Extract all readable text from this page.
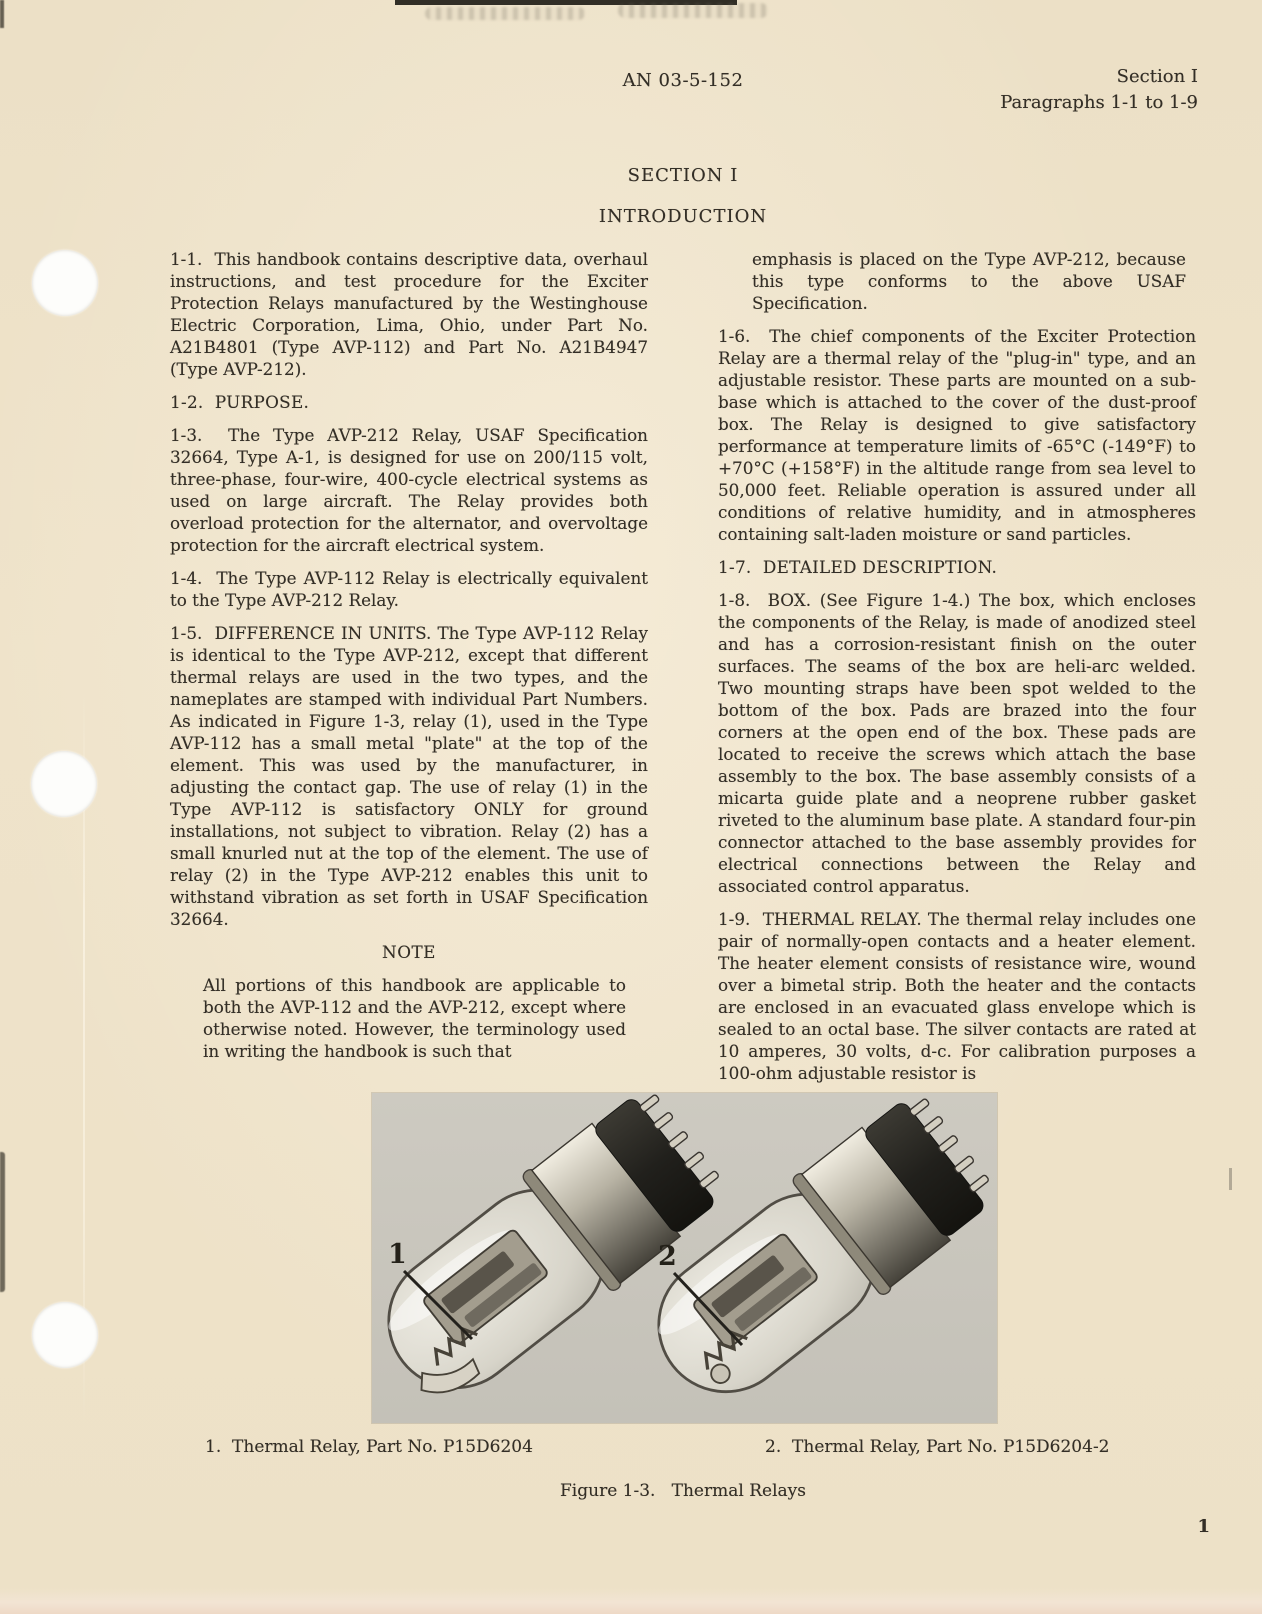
AN 03-5-152	Section I
Paragraphs 1-1 to 1-9
SECTION I
INTRODUCTION

1-1.  This handbook contains descriptive data, overhaul instructions, and test procedure for the Exciter Protection Relays manufactured by the Westinghouse Electric Corporation, Lima, Ohio, under Part No. A21B4801 (Type AVP-112) and Part No. A21B4947 (Type AVP-212).

1-2.  PURPOSE.

1-3.  The Type AVP-212 Relay, USAF Specification 32664, Type A-1, is designed for use on 200/115 volt, three-phase, four-wire, 400-cycle electrical systems as used on large aircraft. The Relay provides both overload protection for the alternator, and overvoltage protection for the aircraft electrical system.

1-4.  The Type AVP-112 Relay is electrically equivalent to the Type AVP-212 Relay.

1-5.  DIFFERENCE IN UNITS. The Type AVP-112 Relay is identical to the Type AVP-212, except that different thermal relays are used in the two types, and the nameplates are stamped with individual Part Numbers. As indicated in Figure 1-3, relay (1), used in the Type AVP-112 has a small metal "plate" at the top of the element. This was used by the manufacturer, in adjusting the contact gap. The use of relay (1) in the Type AVP-112 is satisfactory ONLY for ground installations, not subject to vibration. Relay (2) has a small knurled nut at the top of the element. The use of relay (2) in the Type AVP-212 enables this unit to withstand vibration as set forth in USAF Specification 32664.

NOTE

All portions of this handbook are applicable to both the AVP-112 and the AVP-212, except where otherwise noted. However, the terminology used in writing the handbook is such that

emphasis is placed on the Type AVP-212, because this type conforms to the above USAF Specification.

1-6.  The chief components of the Exciter Protection Relay are a thermal relay of the "plug-in" type, and an adjustable resistor. These parts are mounted on a sub-base which is attached to the cover of the dust-proof box. The Relay is designed to give satisfactory performance at temperature limits of -65°C (-149°F) to +70°C (+158°F) in the altitude range from sea level to 50,000 feet. Reliable operation is assured under all conditions of relative humidity, and in atmospheres containing salt-laden moisture or sand particles.

1-7.  DETAILED DESCRIPTION.

1-8.  BOX. (See Figure 1-4.) The box, which encloses the components of the Relay, is made of anodized steel and has a corrosion-resistant finish on the outer surfaces. The seams of the box are heli-arc welded. Two mounting straps have been spot welded to the bottom of the box. Pads are brazed into the four corners at the open end of the box. These pads are located to receive the screws which attach the base assembly to the box. The base assembly consists of a micarta guide plate and a neoprene rubber gasket riveted to the aluminum base plate. A standard four-pin connector attached to the base assembly provides for electrical connections between the Relay and associated control apparatus.

1-9.  THERMAL RELAY. The thermal relay includes one pair of normally-open contacts and a heater element. The heater element consists of resistance wire, wound over a bimetal strip. Both the heater and the contacts are enclosed in an evacuated glass envelope which is sealed to an octal base. The silver contacts are rated at 10 amperes, 30 volts, d-c. For calibration purposes a 100-ohm adjustable resistor is

1	2
1.  Thermal Relay, Part No. P15D6204	2.  Thermal Relay, Part No. P15D6204-2
Figure 1-3.   Thermal Relays
1
